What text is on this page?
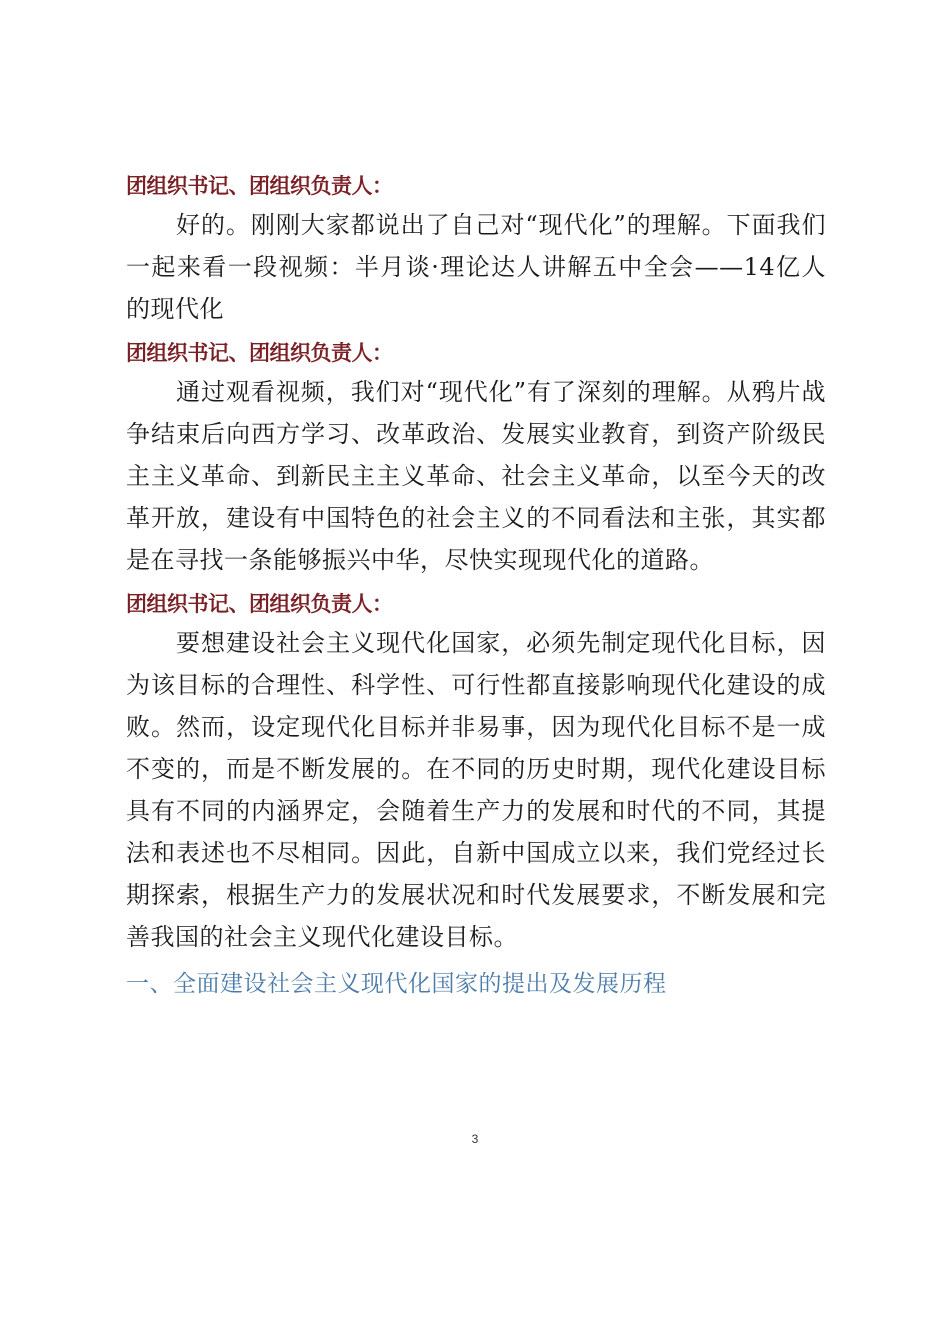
团组织书记、团组织负责人：

好的。刚刚大家都说出了自己对“现代化”的理解。下面我们一起来看一段视频：半月谈·理论达人讲解五中全会——14亿人的现代化

团组织书记、团组织负责人：

通过观看视频，我们对“现代化”有了深刻的理解。从鸦片战争结束后向西方学习、改革政治、发展实业教育，到资产阶级民主主义革命、到新民主主义革命、社会主义革命，以至今天的改革开放，建设有中国特色的社会主义的不同看法和主张，其实都是在寻找一条能够振兴中华，尽快实现现代化的道路。

团组织书记、团组织负责人：

要想建设社会主义现代化国家，必须先制定现代化目标，因为该目标的合理性、科学性、可行性都直接影响现代化建设的成败。然而，设定现代化目标并非易事，因为现代化目标不是一成不变的，而是不断发展的。在不同的历史时期，现代化建设目标具有不同的内涵界定，会随着生产力的发展和时代的不同，其提法和表述也不尽相同。因此，自新中国成立以来，我们党经过长期探索，根据生产力的发展状况和时代发展要求，不断发展和完善我国的社会主义现代化建设目标。

一、全面建设社会主义现代化国家的提出及发展历程

3
